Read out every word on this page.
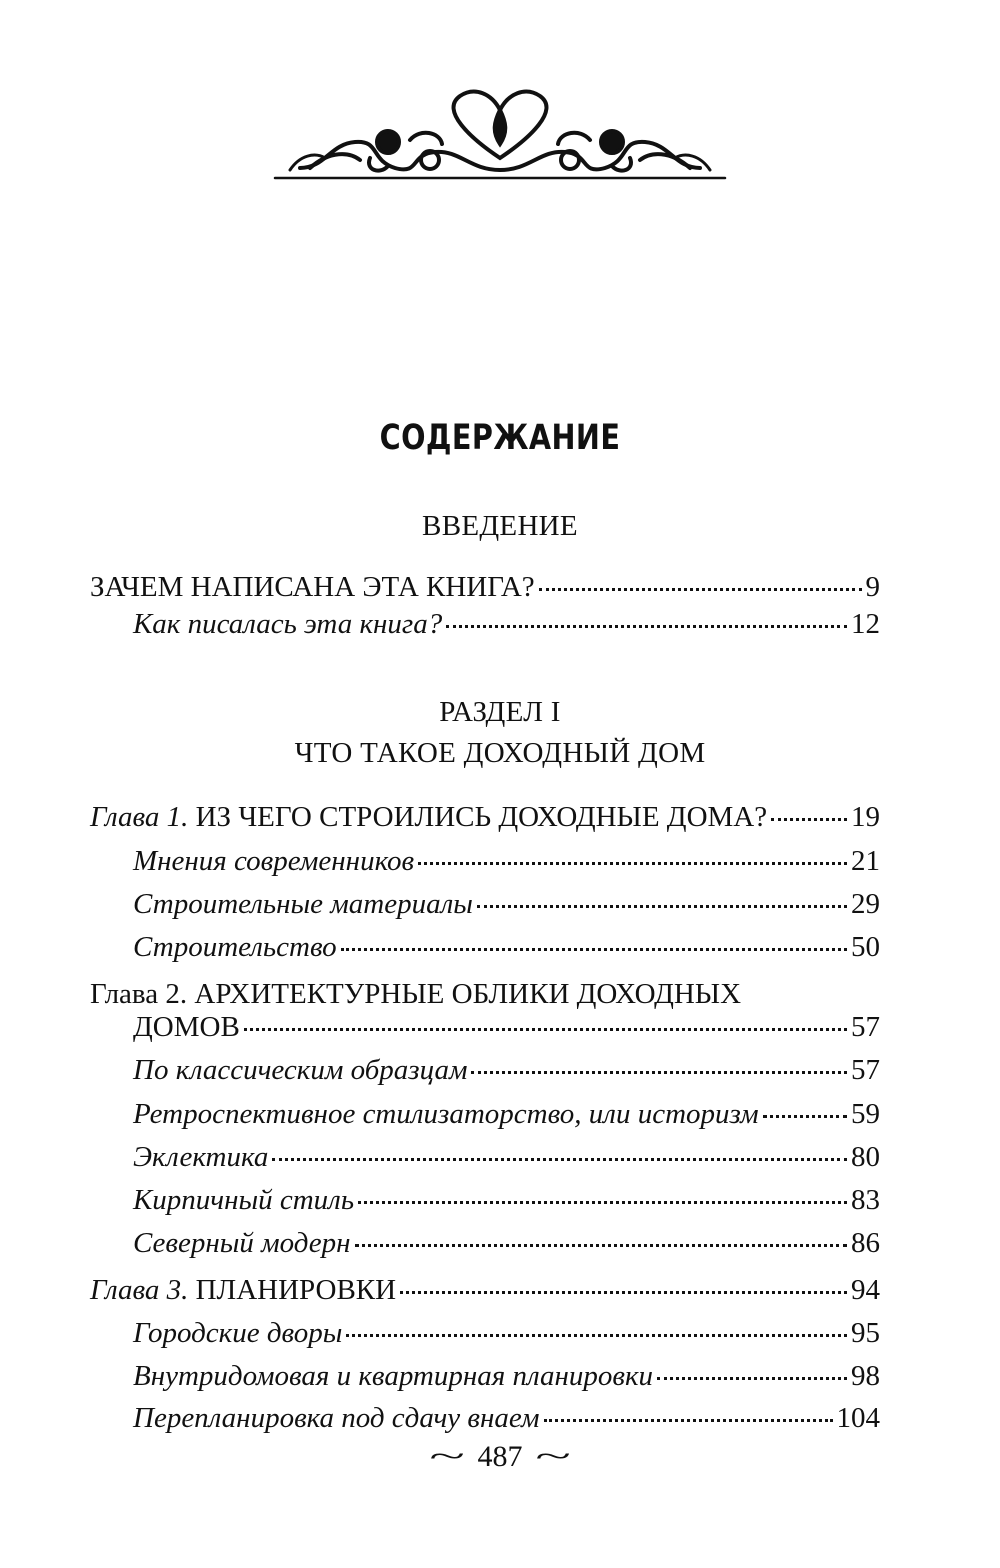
СОДЕРЖАНИЕ
ВВЕДЕНИЕ
ЗАЧЕМ НАПИСАНА ЭТА КНИГА?	9
Как писалась эта книга?	12
РАЗДЕЛ I
ЧТО ТАКОЕ ДОХОДНЫЙ ДОМ
Глава 1. ИЗ ЧЕГО СТРОИЛИСЬ ДОХОДНЫЕ ДОМА?	19
Мнения современников	21
Строительные материалы	29
Строительство	50
Глава 2. АРХИТЕКТУРНЫЕ ОБЛИКИ ДОХОДНЫХ
ДОМОВ	57
По классическим образцам	57
Ретроспективное стилизаторство, или историзм	59
Эклектика	80
Кирпичный стиль	83
Северный модерн	86
Глава 3. ПЛАНИРОВКИ	94
Городские дворы	95
Внутридомовая и квартирная планировки	98
Перепланировка под сдачу внаем	104
~ 487 ~
